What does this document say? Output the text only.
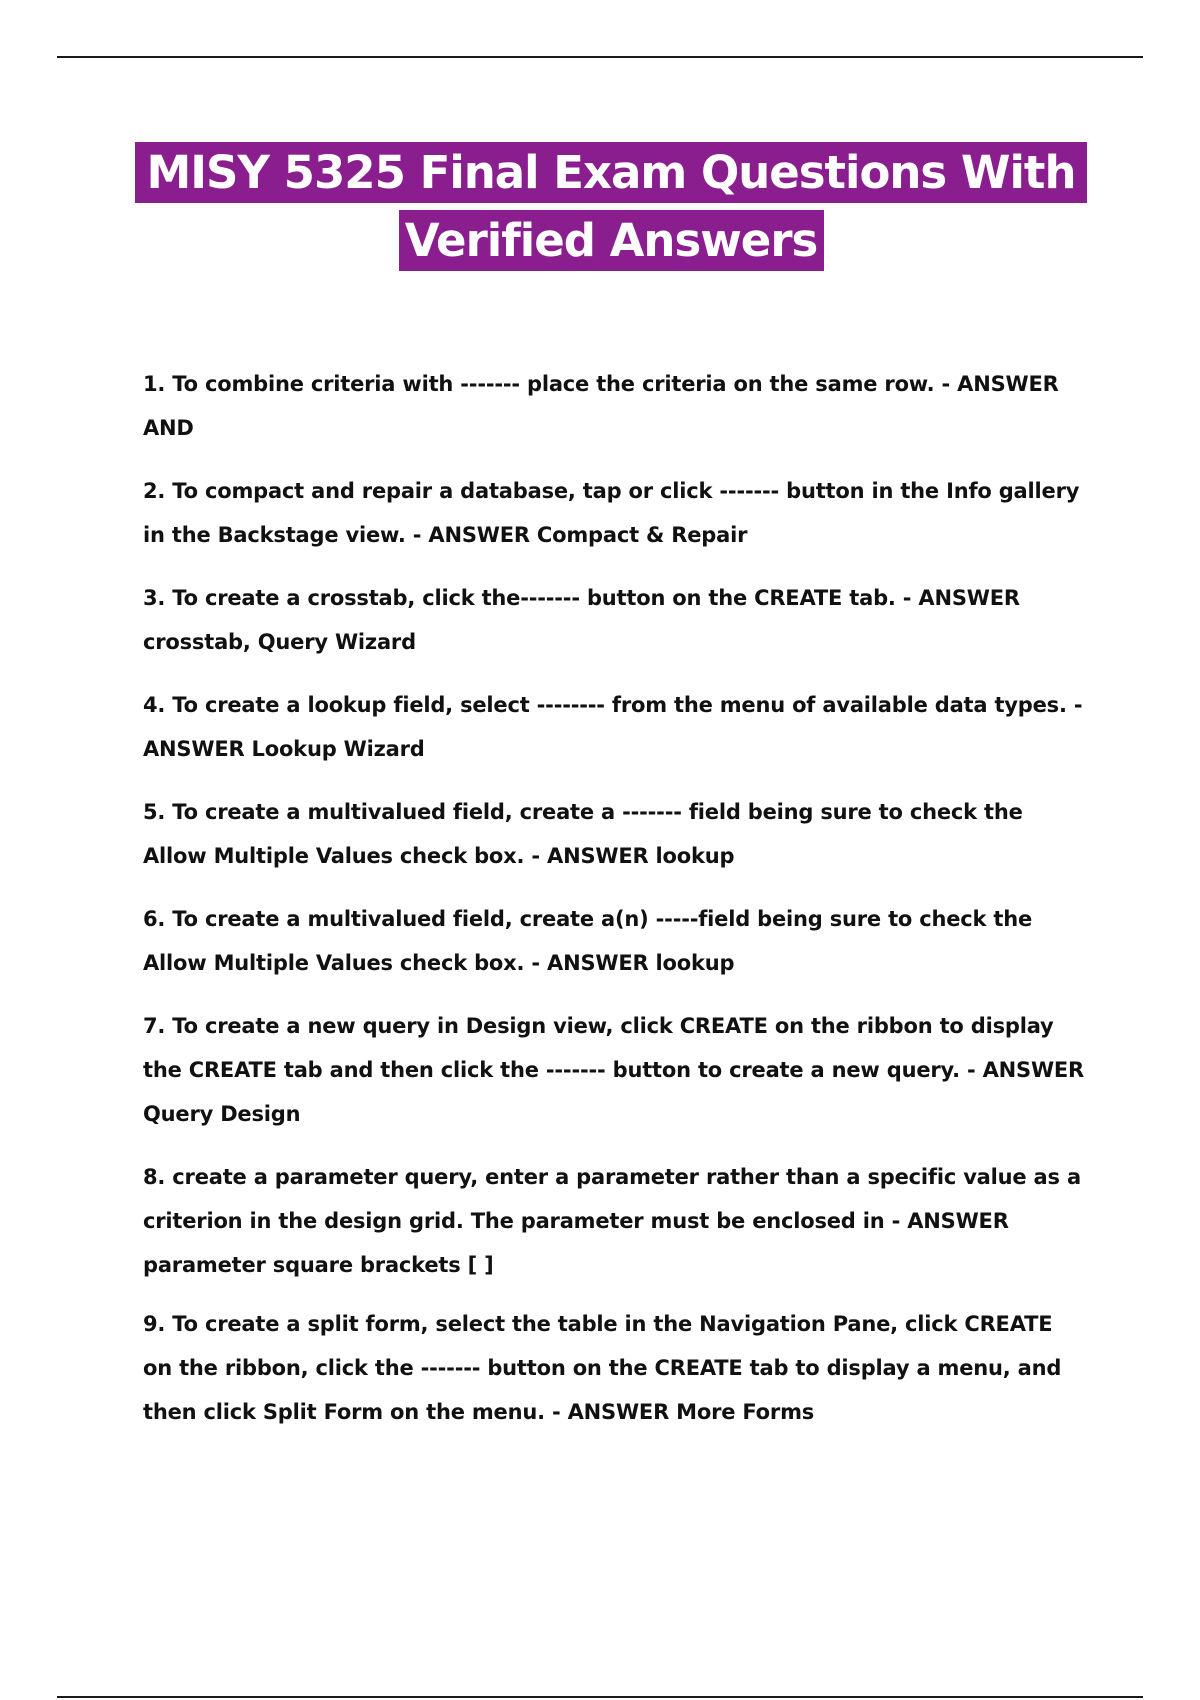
MISY 5325 Final Exam Questions With
Verified Answers
1. To combine criteria with ------- place the criteria on the same row. - ANSWER AND
2. To compact and repair a database, tap or click ------- button in the Info gallery in the Backstage view. - ANSWER Compact & Repair
3. To create a crosstab, click the------- button on the CREATE tab. - ANSWER crosstab, Query Wizard
4. To create a lookup field, select -------- from the menu of available data types. - ANSWER Lookup Wizard
5. To create a multivalued field, create a ------- field being sure to check the Allow Multiple Values check box. - ANSWER lookup
6. To create a multivalued field, create a(n) -----field being sure to check the Allow Multiple Values check box. - ANSWER lookup
7. To create a new query in Design view, click CREATE on the ribbon to display the CREATE tab and then click the ------- button to create a new query. - ANSWER Query Design
8. create a parameter query, enter a parameter rather than a specific value as a criterion in the design grid. The parameter must be enclosed in - ANSWER parameter square brackets [ ]
9. To create a split form, select the table in the Navigation Pane, click CREATE on the ribbon, click the ------- button on the CREATE tab to display a menu, and then click Split Form on the menu. - ANSWER More Forms
